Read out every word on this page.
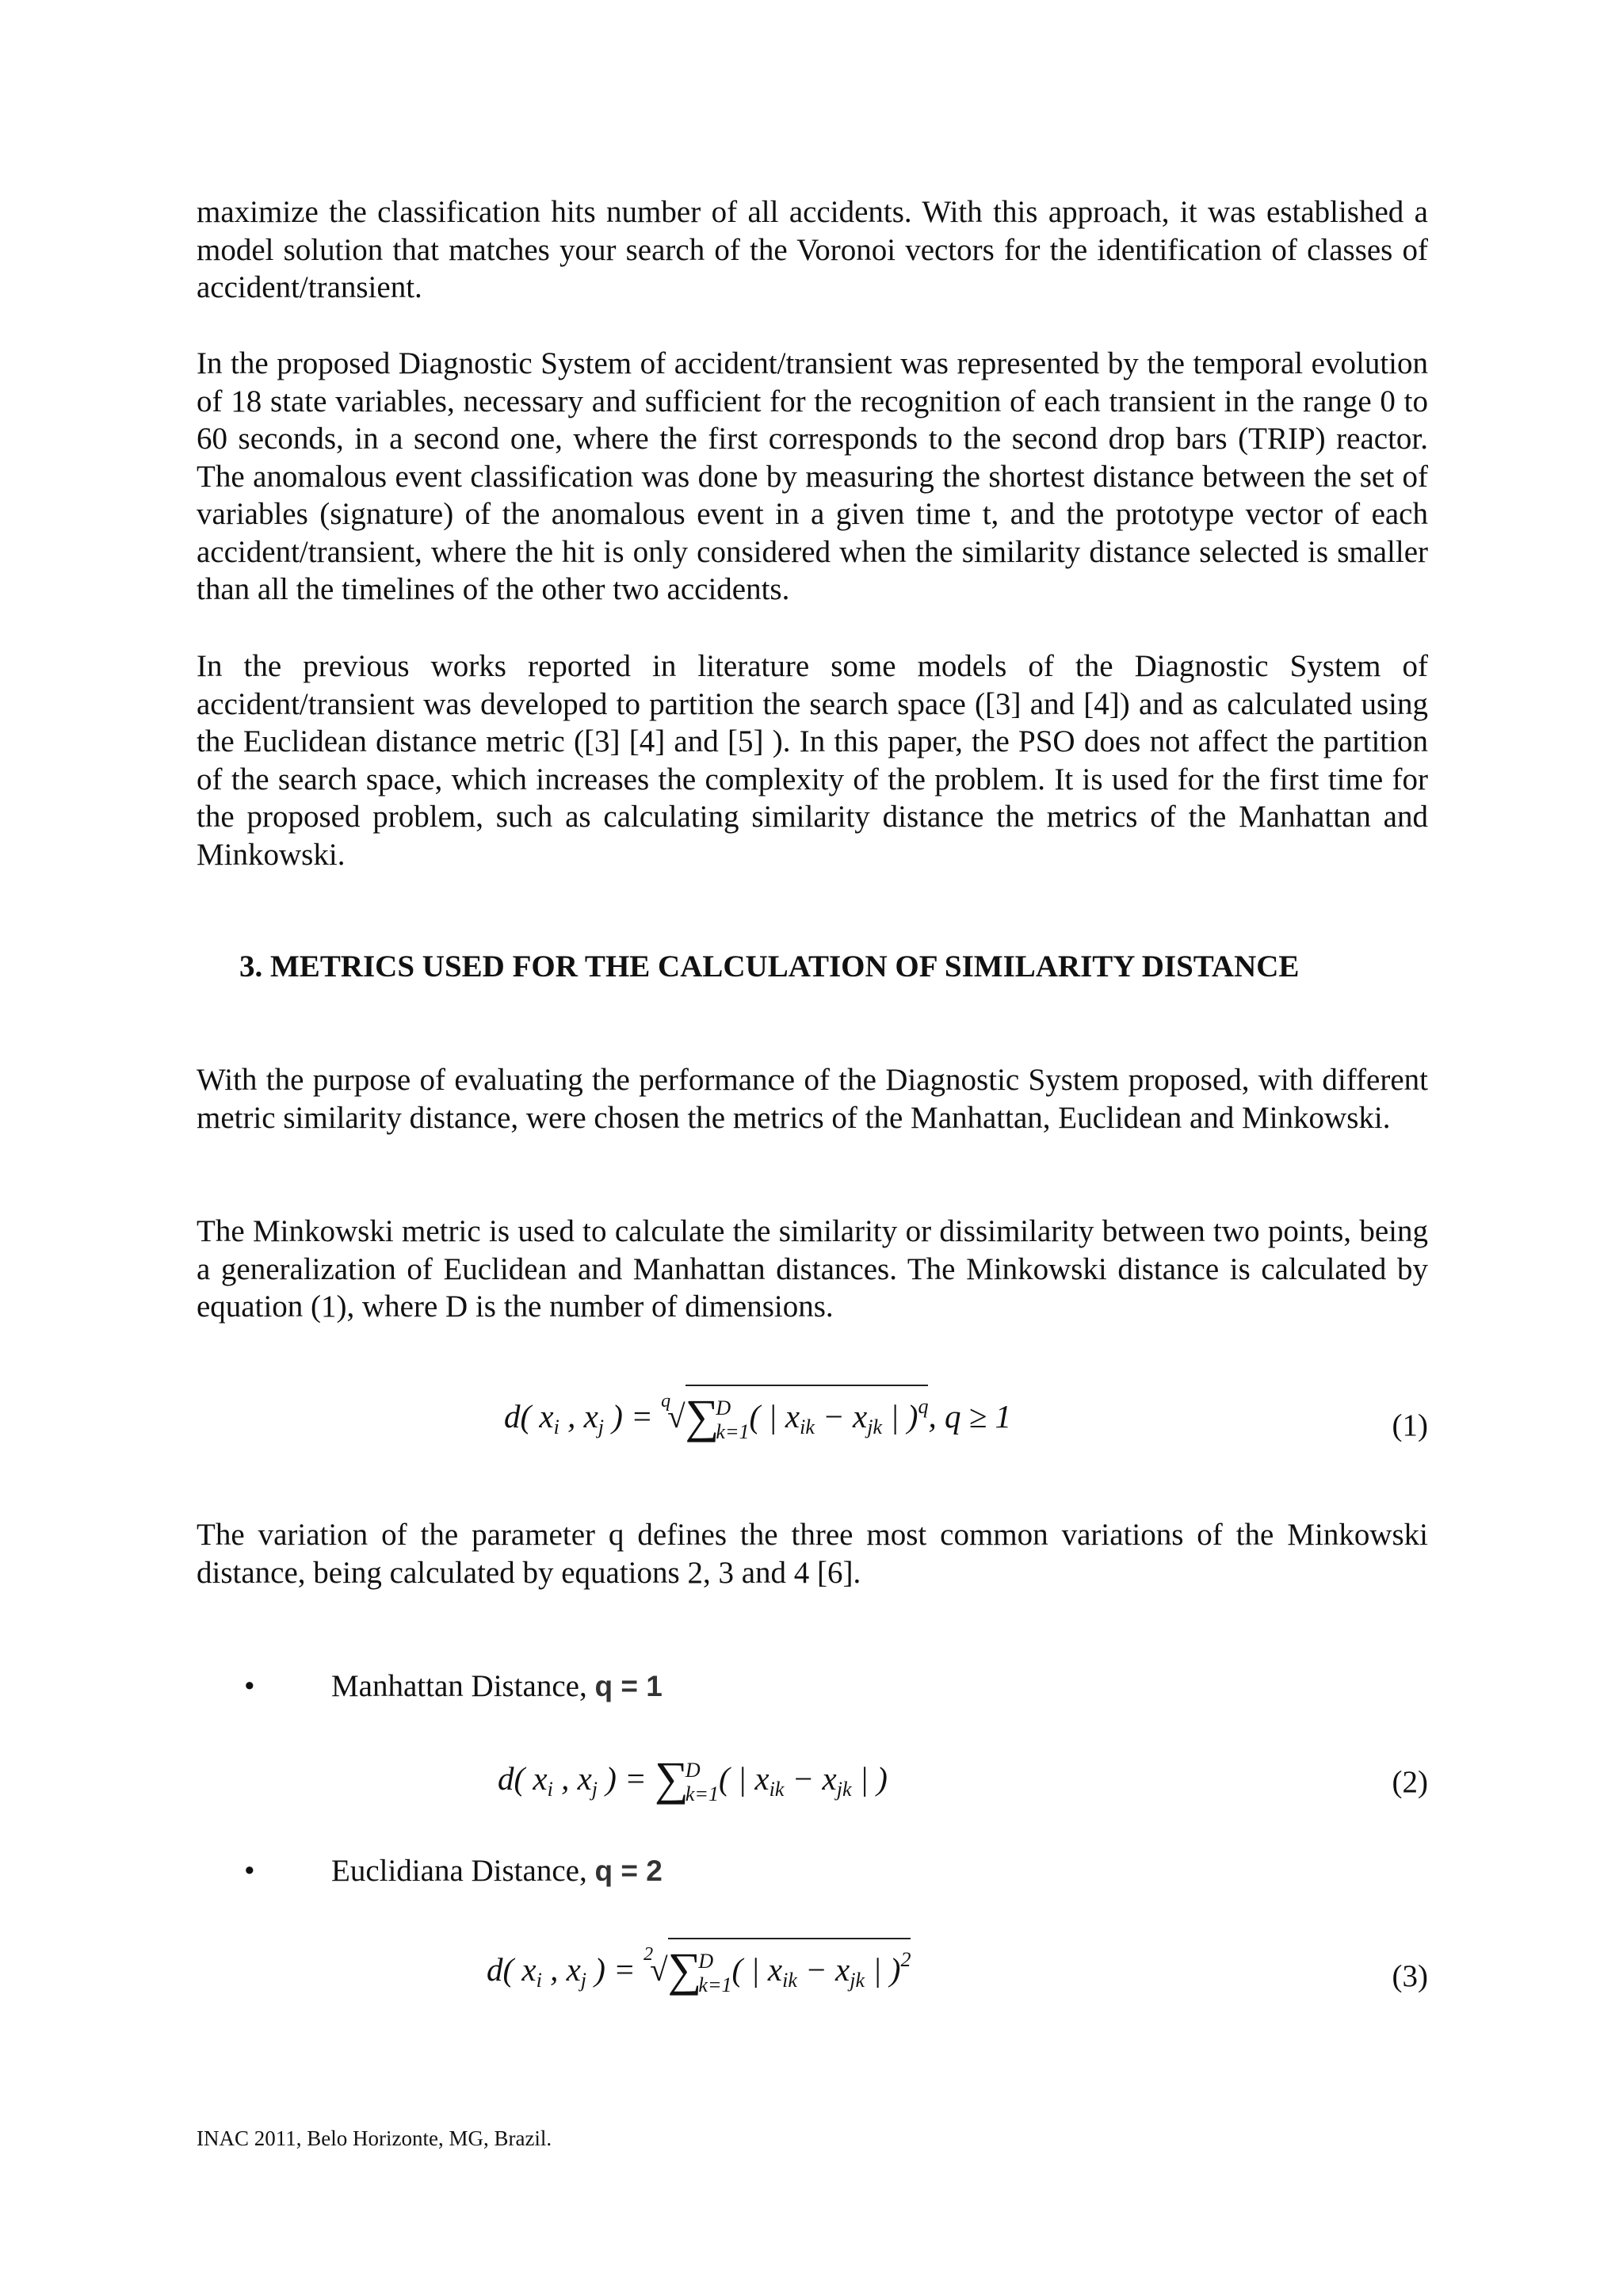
maximize the classification hits number of all accidents. With this approach, it was established a model solution that matches your search of the Voronoi vectors for the identification of classes of accident/transient.

In the proposed Diagnostic System of accident/transient was represented by the temporal evolution of 18 state variables, necessary and sufficient for the recognition of each transient in the range 0 to 60 seconds, in a second one, where the first corresponds to the second drop bars (TRIP) reactor. The anomalous event classification was done by measuring the shortest distance between the set of variables (signature) of the anomalous event in a given time t, and the prototype vector of each accident/transient, where the hit is only considered when the similarity distance selected is smaller than all the timelines of the other two accidents.

In the previous works reported in literature some models of the Diagnostic System of accident/transient was developed to partition the search space ([3] and [4]) and as calculated using the Euclidean distance metric ([3] [4] and [5] ). In this paper, the PSO does not affect the partition of the search space, which increases the complexity of the problem. It is used for the first time for the proposed problem, such as calculating similarity distance the metrics of the Manhattan and Minkowski.

3. METRICS USED FOR THE CALCULATION OF SIMILARITY DISTANCE

With the purpose of evaluating the performance of the Diagnostic System proposed, with different metric similarity distance, were chosen the metrics of the Manhattan, Euclidean and Minkowski.

The Minkowski metric is used to calculate the similarity or dissimilarity between two points, being a generalization of Euclidean and Manhattan distances. The Minkowski distance is calculated by equation (1), where D is the number of dimensions.

d( $x_i$ , $x_j$ ) = $^q$√∑D
k=1( | $x_{ik} - x_{jk}$ | )$^q$, q ≥ 1	(1)

The variation of the parameter q defines the three most common variations of the Minkowski distance, being calculated by equations 2, 3 and 4 [6].

• Manhattan Distance, q = 1
d( $x_i$ , $x_j$ ) = ∑D
k=1( | $x_{ik} - x_{jk}$ | )	(2)
• Euclidiana Distance, q = 2
d( $x_i$ , $x_j$ ) = $^2$√∑D
k=1( | $x_{ik} - x_{jk}$ | )$^2$	(3)
INAC 2011, Belo Horizonte, MG, Brazil.
